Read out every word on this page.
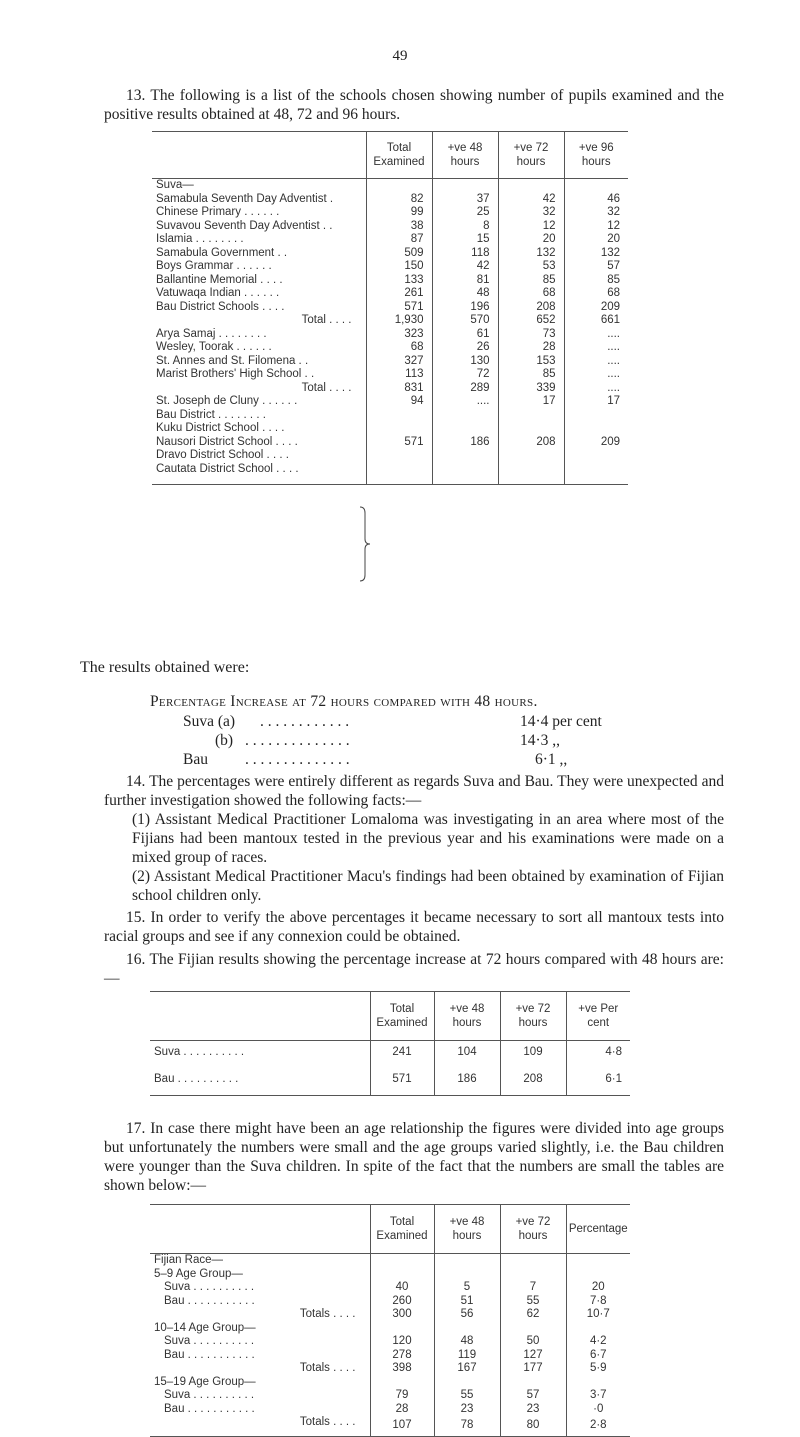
49
13. The following is a list of the schools chosen showing number of pupils examined and the positive results obtained at 48, 72 and 96 hours.
	Total Examined	+ve 48 hours	+ve 72 hours	+ve 96 hours
Suva—				
Samabula Seventh Day Adventist .	82	37	42	46
Chinese Primary . . . . . .	99	25	32	32
Suvavou Seventh Day Adventist . .	38	8	12	12
Islamia . . . . . . . .	87	15	20	20
Samabula Government . .	509	118	132	132
Boys Grammar . . . . . .	150	42	53	57
Ballantine Memorial . . . .	133	81	85	85
Vatuwaqa Indian . . . . . .	261	48	68	68
Bau District Schools . . . .	571	196	208	209
Total . . . .	1,930	570	652	661
Arya Samaj . . . . . . . .	323	61	73	....
Wesley, Toorak . . . . . .	68	26	28	....
St. Annes and St. Filomena . .	327	130	153	....
Marist Brothers' High School . .	113	72	85	....
Total . . . .	831	289	339	....
St. Joseph de Cluny . . . . . .	94	....	17	17
Bau District . . . . . . . .				
Kuku District School . . . .				
Nausori District School . . . .	571	186	208	209
Dravo District School . . . .				
Cautata District School . . . .				
The results obtained were:
Percentage Increase at 72 hours compared with 48 hours.
Suva (a) . . . . . . . . . . . .	14·4 per cent
(b) . . . . . . . . . . . . . .	14·3 ,,
Bau . . . . . . . . . . . . . .	6·1 ,,
14. The percentages were entirely different as regards Suva and Bau. They were unexpected and further investigation showed the following facts:—
(1) Assistant Medical Practitioner Lomaloma was investigating in an area where most of the Fijians had been mantoux tested in the previous year and his examinations were made on a mixed group of races.
(2) Assistant Medical Practitioner Macu's findings had been obtained by examination of Fijian school children only.
15. In order to verify the above percentages it became necessary to sort all mantoux tests into racial groups and see if any connexion could be obtained.
16. The Fijian results showing the percentage increase at 72 hours compared with 48 hours are:—
	Total Examined	+ve 48 hours	+ve 72 hours	+ve Per cent
Suva . . . . . . . . . .	241	104	109	4·8
Bau . . . . . . . . . .	571	186	208	6·1
17. In case there might have been an age relationship the figures were divided into age groups but unfortunately the numbers were small and the age groups varied slightly, i.e. the Bau children were younger than the Suva children. In spite of the fact that the numbers are small the tables are shown below:—
	Total Examined	+ve 48 hours	+ve 72 hours	Percentage
Fijian Race—				
5–9 Age Group—				
Suva . . . . . . . . . .	40	5	7	20
Bau . . . . . . . . . . .	260	51	55	7·8
Totals . . . .	300	56	62	10·7
10–14 Age Group—				
Suva . . . . . . . . . .	120	48	50	4·2
Bau . . . . . . . . . . .	278	119	127	6·7
Totals . . . .	398	167	177	5·9
15–19 Age Group—				
Suva . . . . . . . . . .	79	55	57	3·7
Bau . . . . . . . . . . .	28	23	23	·0
Totals . . . .	107	78	80	2·8
